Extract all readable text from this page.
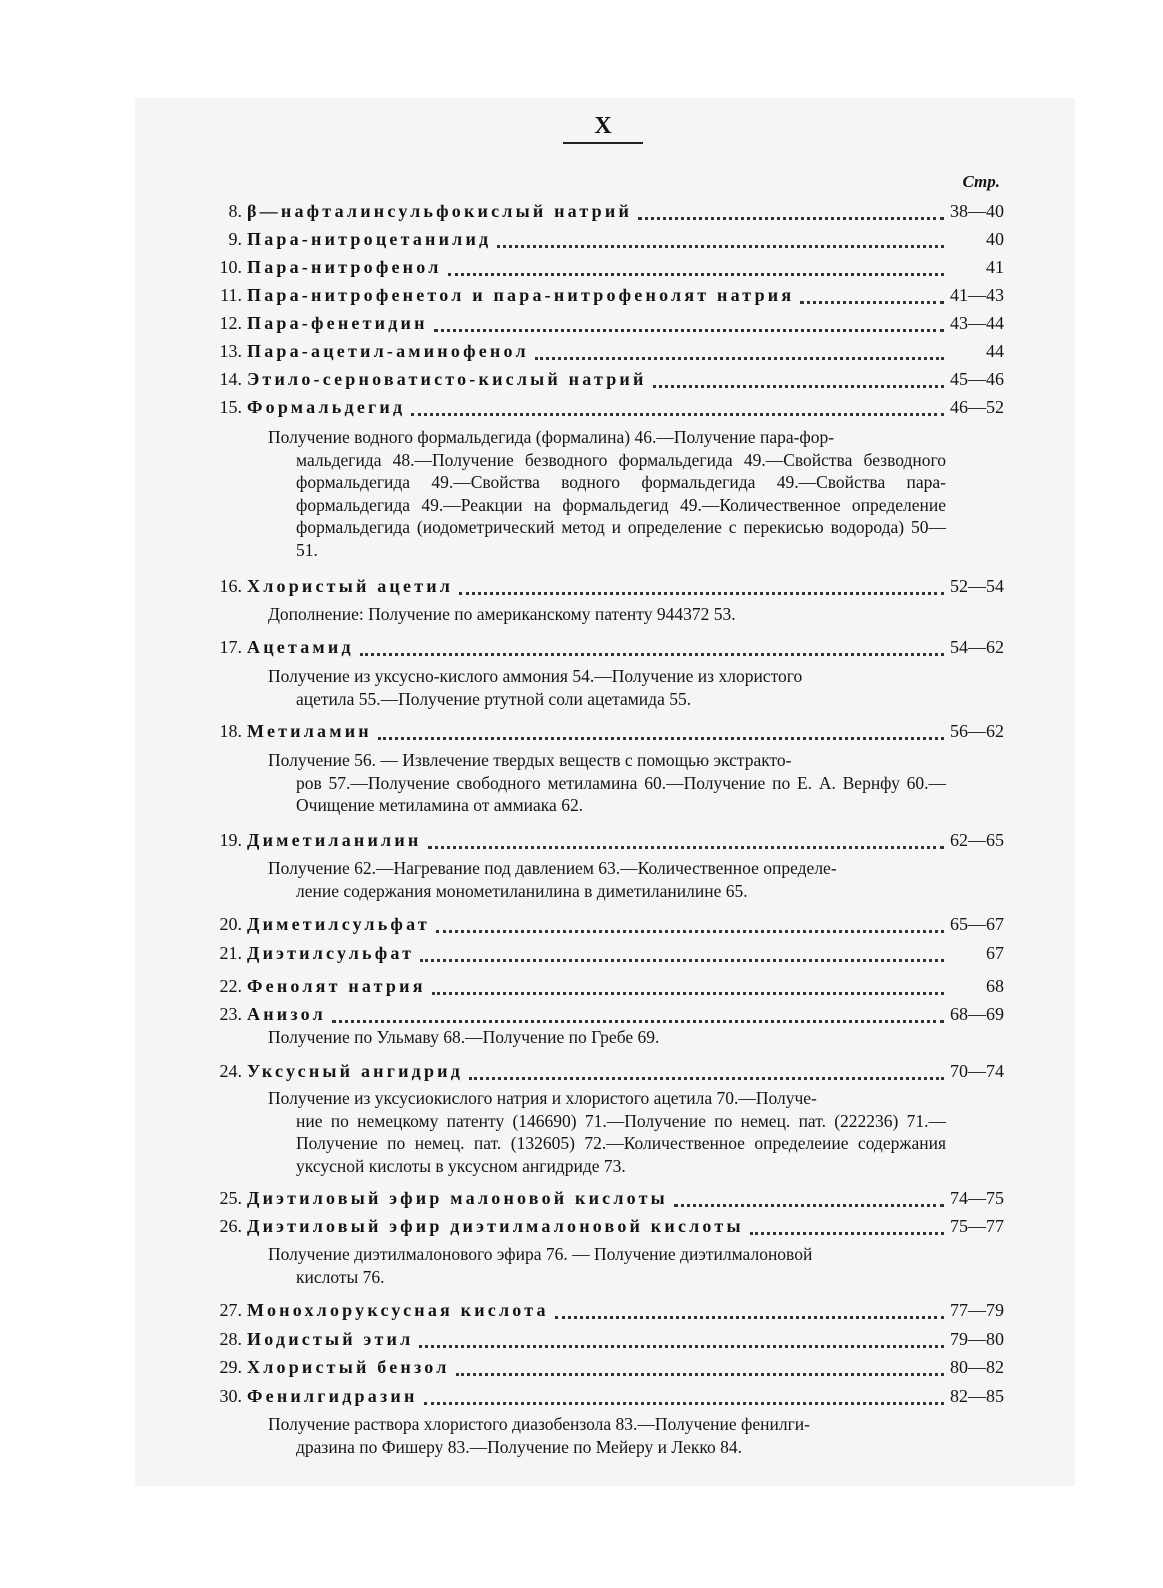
X
Стр.
8. β—нафталинсульфокислый натрий	38—40
9. Пара-нитроцетанилид	40
10. Пара-нитрофенол	41
11. Пара-нитрофенетол и пара-нитрофенолят натрия	41—43
12. Пара-фенетидин	43—44
13. Пара-ацетил-аминофенол	44
14. Этило-серноватисто-кислый натрий	45—46
15. Формальдегид	46—52
Получение водного формальдегида (формалина) 46.—Получение пара-фор-
мальдегида 48.—Получение безводного формальдегида 49.—Свойства безводного формальдегида 49.—Свойства водного формальдегида 49.—Свойства пара-формальдегида 49.—Реакции на формальдегид 49.—Количественное определение формальдегида (иодометрический метод и определение с перекисью водорода) 50—51.
16. Хлористый ацетил	52—54
Дополнение: Получение по американскому патенту 944372 53.
17. Ацетамид	54—62
Получение из уксусно-кислого аммония 54.—Получение из хлористого
ацетила 55.—Получение ртутной соли ацетамида 55.
18. Метиламин	56—62
Получение 56. — Извлечение твердых веществ с помощью экстракто-
ров 57.—Получение свободного метиламина 60.—Получение по Е. А. Вернфу 60.—Очищение метиламина от аммиака 62.
19. Диметиланилин	62—65
Получение 62.—Нагревание под давлением 63.—Количественное определе-
ление содержания монометиланилина в диметиланилине 65.
20. Диметилсульфат	65—67
21. Диэтилсульфат	67
22. Фенолят натрия	68
23. Анизол	68—69
Получение по Ульмаву 68.—Получение по Гребе 69.
24. Уксусный ангидрид	70—74
Получение из уксусиокислого натрия и хлористого ацетила 70.—Получе-
ние по немецкому патенту (146690) 71.—Получение по немец. пат. (222236) 71.—Получение по немец. пат. (132605) 72.—Количественное определеиие содержания уксусной кислоты в уксусном ангидриде 73.
25. Диэтиловый эфир малоновой кислоты	74—75
26. Диэтиловый эфир диэтилмалоновой кислоты	75—77
Получение диэтилмалонового эфира 76. — Получение диэтилмалоновой
кислоты 76.
27. Монохлоруксусная кислота	77—79
28. Иодистый этил	79—80
29. Хлористый бензол	80—82
30. Фенилгидразин	82—85
Получение раствора хлористого диазобензола 83.—Получение фенилги-
дразина по Фишеру 83.—Получение по Мейеру и Лекко 84.
